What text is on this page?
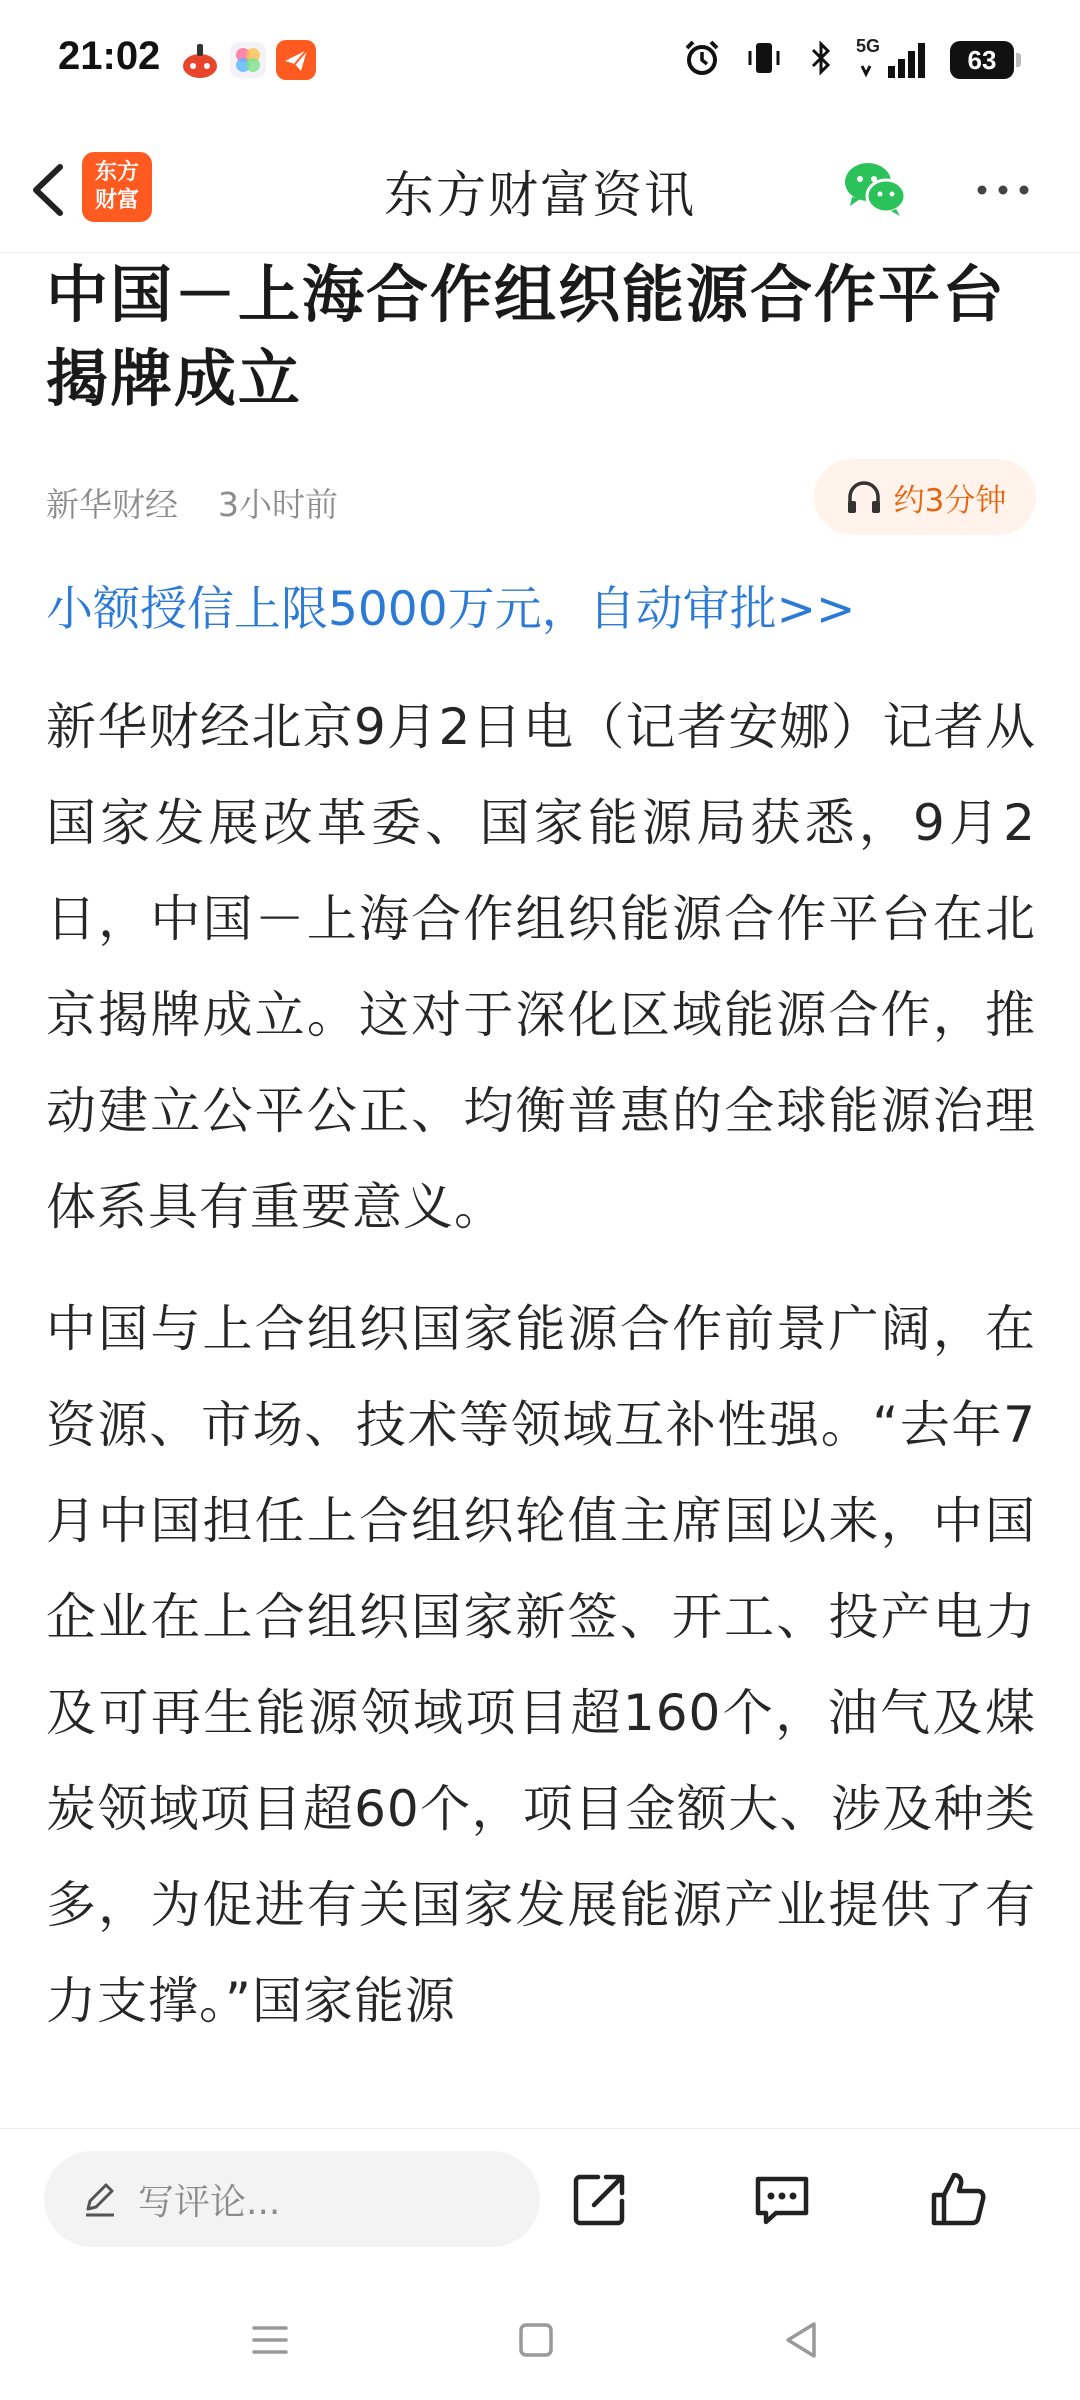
21:02	5G	63
东方
财富	东方财富资讯
中国－上海合作组织能源合作平台揭牌成立
新华财经 3小时前	约3分钟
小额授信上限5000万元，自动审批>>

新华财经北京9月2日电（记者安娜）记者从国家发展改革委、国家能源局获悉，9月2日，中国－上海合作组织能源合作平台在北京揭牌成立。这对于深化区域能源合作，推动建立公平公正、均衡普惠的全球能源治理体系具有重要意义。

中国与上合组织国家能源合作前景广阔，在资源、市场、技术等领域互补性强。“去年7月中国担任上合组织轮值主席国以来，中国企业在上合组织国家新签、开工、投产电力及可再生能源领域项目超160个，油气及煤炭领域项目超60个，项目金额大、涉及种类多，为促进有关国家发展能源产业提供了有力支撑。”国家能源

写评论...
